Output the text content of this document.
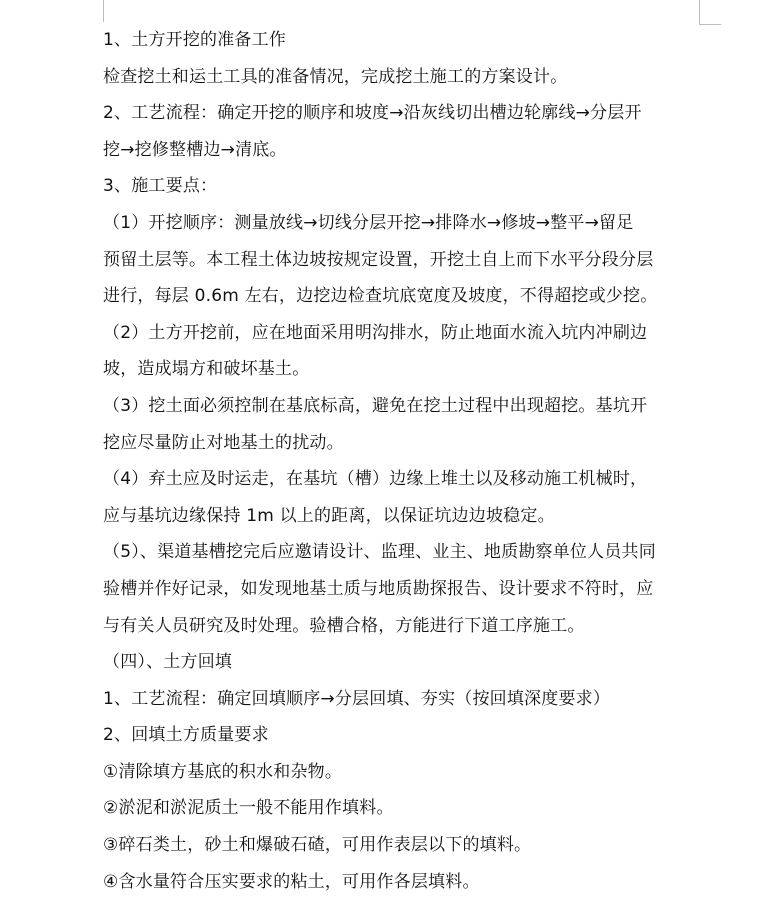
1、土方开挖的准备工作
检查挖土和运土工具的准备情况，完成挖土施工的方案设计。
2、工艺流程：确定开挖的顺序和坡度→沿灰线切出槽边轮廓线→分层开
挖→挖修整槽边→清底。
3、施工要点：
（1）开挖顺序：测量放线→切线分层开挖→排降水→修坡→整平→留足
预留土层等。本工程土体边坡按规定设置，开挖土自上而下水平分段分层
进行，每层 0.6m 左右，边挖边检查坑底宽度及坡度，不得超挖或少挖。
（2）土方开挖前，应在地面采用明沟排水，防止地面水流入坑内冲刷边
坡，造成塌方和破坏基土。
（3）挖土面必须控制在基底标高，避免在挖土过程中出现超挖。基坑开
挖应尽量防止对地基土的扰动。
（4）弃土应及时运走，在基坑（槽）边缘上堆土以及移动施工机械时，
应与基坑边缘保持 1m 以上的距离，以保证坑边边坡稳定。
（5）、渠道基槽挖完后应邀请设计、监理、业主、地质勘察单位人员共同
验槽并作好记录，如发现地基土质与地质勘探报告、设计要求不符时，应
与有关人员研究及时处理。验槽合格，方能进行下道工序施工。
（四）、土方回填
1、工艺流程：确定回填顺序→分层回填、夯实（按回填深度要求）
2、回填土方质量要求
①清除填方基底的积水和杂物。
②淤泥和淤泥质土一般不能用作填料。
③碎石类土，砂土和爆破石碴，可用作表层以下的填料。
④含水量符合压实要求的粘土，可用作各层填料。
